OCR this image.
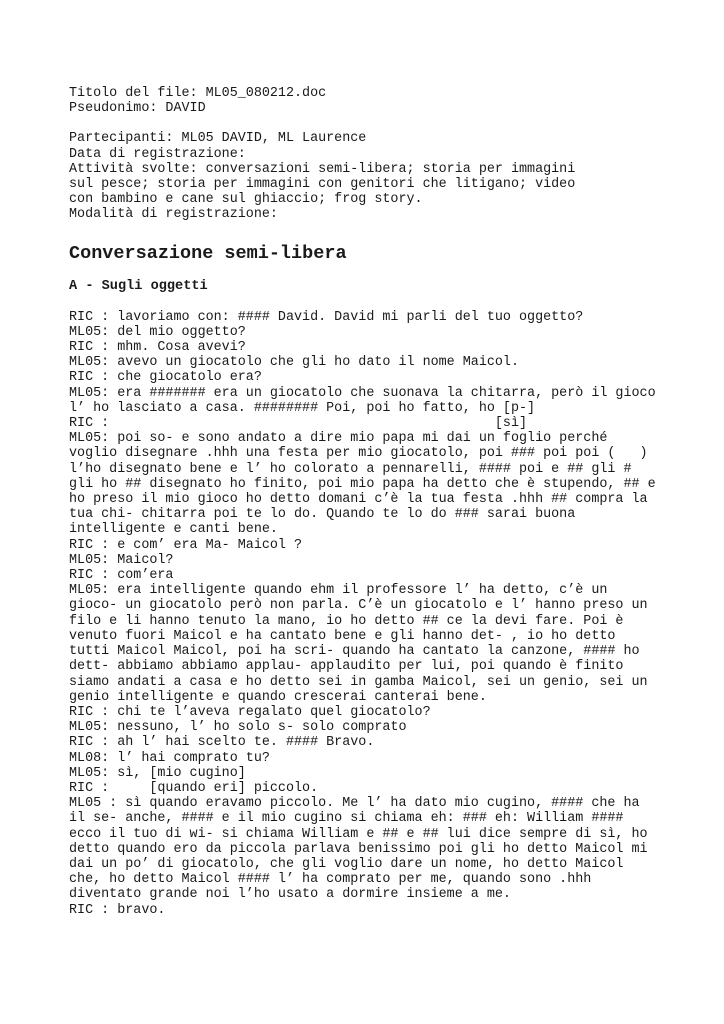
Titolo del file: ML05_080212.doc
Pseudonimo: DAVID
Partecipanti: ML05 DAVID, ML Laurence
Data di registrazione:
Attività svolte: conversazioni semi-libera; storia per immagini
sul pesce; storia per immagini con genitori che litigano; video
con bambino e cane sul ghiaccio; frog story.
Modalità di registrazione:
Conversazione semi-libera
A - Sugli oggetti
RIC : lavoriamo con: #### David. David mi parli del tuo oggetto?
ML05: del mio oggetto?
RIC : mhm. Cosa avevi?
ML05: avevo un giocatolo che gli ho dato il nome Maicol.
RIC : che giocatolo era?
ML05: era ####### era un giocatolo che suonava la chitarra, però il gioco
l’ ho lasciato a casa. ######## Poi, poi ho fatto, ho [p-]
RIC :                                                [sì]
ML05: poi so- e sono andato a dire mio papa mi dai un foglio perché
voglio disegnare .hhh una festa per mio giocatolo, poi ### poi poi (   )
l’ho disegnato bene e l’ ho colorato a pennarelli, #### poi e ## gli #
gli ho ## disegnato ho finito, poi mio papa ha detto che è stupendo, ## e
ho preso il mio gioco ho detto domani c’è la tua festa .hhh ## compra la
tua chi- chitarra poi te lo do. Quando te lo do ### sarai buona
intelligente e canti bene.
RIC : e com’ era Ma- Maicol ?
ML05: Maicol?
RIC : com’era
ML05: era intelligente quando ehm il professore l’ ha detto, c’è un
gioco- un giocatolo però non parla. C’è un giocatolo e l’ hanno preso un
filo e li hanno tenuto la mano, io ho detto ## ce la devi fare. Poi è
venuto fuori Maicol e ha cantato bene e gli hanno det- , io ho detto
tutti Maicol Maicol, poi ha scri- quando ha cantato la canzone, #### ho
dett- abbiamo abbiamo applau- applaudito per lui, poi quando è finito
siamo andati a casa e ho detto sei in gamba Maicol, sei un genio, sei un
genio intelligente e quando crescerai canterai bene.
RIC : chi te l’aveva regalato quel giocatolo?
ML05: nessuno, l’ ho solo s- solo comprato
RIC : ah l’ hai scelto te. #### Bravo.
ML08: l’ hai comprato tu?
ML05: sì, [mio cugino]
RIC :     [quando eri] piccolo.
ML05 : sì quando eravamo piccolo. Me l’ ha dato mio cugino, #### che ha
il se- anche, #### e il mio cugino si chiama eh: ### eh: William ####
ecco il tuo di wi- si chiama William e ## e ## lui dice sempre di sì, ho
detto quando ero da piccola parlava benissimo poi gli ho detto Maicol mi
dai un po’ di giocatolo, che gli voglio dare un nome, ho detto Maicol
che, ho detto Maicol #### l’ ha comprato per me, quando sono .hhh
diventato grande noi l’ho usato a dormire insieme a me.
RIC : bravo.
